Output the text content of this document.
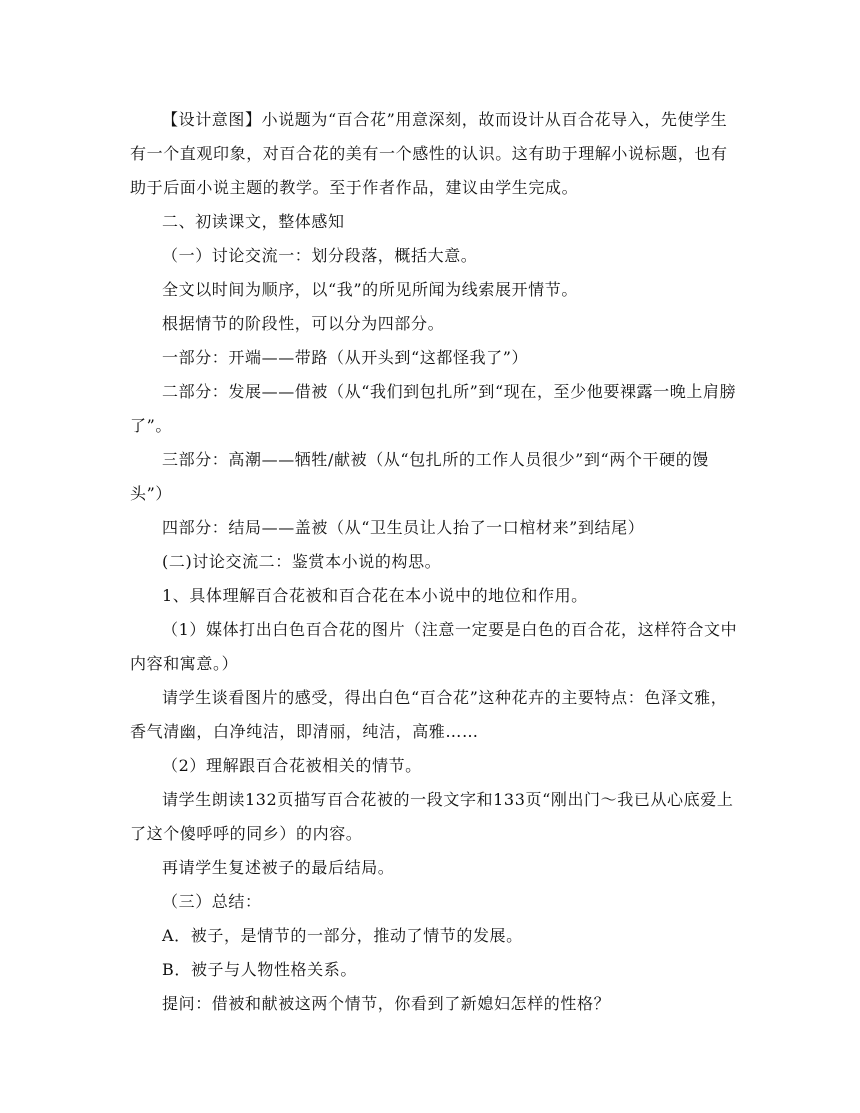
【设计意图】小说题为“百合花”用意深刻，故而设计从百合花导入，先使学生有一个直观印象，对百合花的美有一个感性的认识。这有助于理解小说标题，也有助于后面小说主题的教学。至于作者作品，建议由学生完成。

二、初读课文，整体感知

（一）讨论交流一：划分段落，概括大意。

全文以时间为顺序，以“我”的所见所闻为线索展开情节。

根据情节的阶段性，可以分为四部分。

一部分：开端——带路（从开头到“这都怪我了”）

二部分：发展——借被（从“我们到包扎所”到“现在，至少他要裸露一晚上肩膀了”。

三部分：高潮——牺牲/献被（从“包扎所的工作人员很少”到“两个干硬的馒头”）

四部分：结局——盖被（从“卫生员让人抬了一口棺材来”到结尾）

(二)讨论交流二：鉴赏本小说的构思。

1、具体理解百合花被和百合花在本小说中的地位和作用。

（1）媒体打出白色百合花的图片（注意一定要是白色的百合花，这样符合文中内容和寓意。）

请学生谈看图片的感受，得出白色“百合花”这种花卉的主要特点：色泽文雅，香气清幽，白净纯洁，即清丽，纯洁，高雅……

（2）理解跟百合花被相关的情节。

请学生朗读132页描写百合花被的一段文字和133页“刚出门～我已从心底爱上了这个傻呼呼的同乡）的内容。

再请学生复述被子的最后结局。

（三）总结：

A．被子，是情节的一部分，推动了情节的发展。

B．被子与人物性格关系。

提问：借被和献被这两个情节，你看到了新媳妇怎样的性格？
